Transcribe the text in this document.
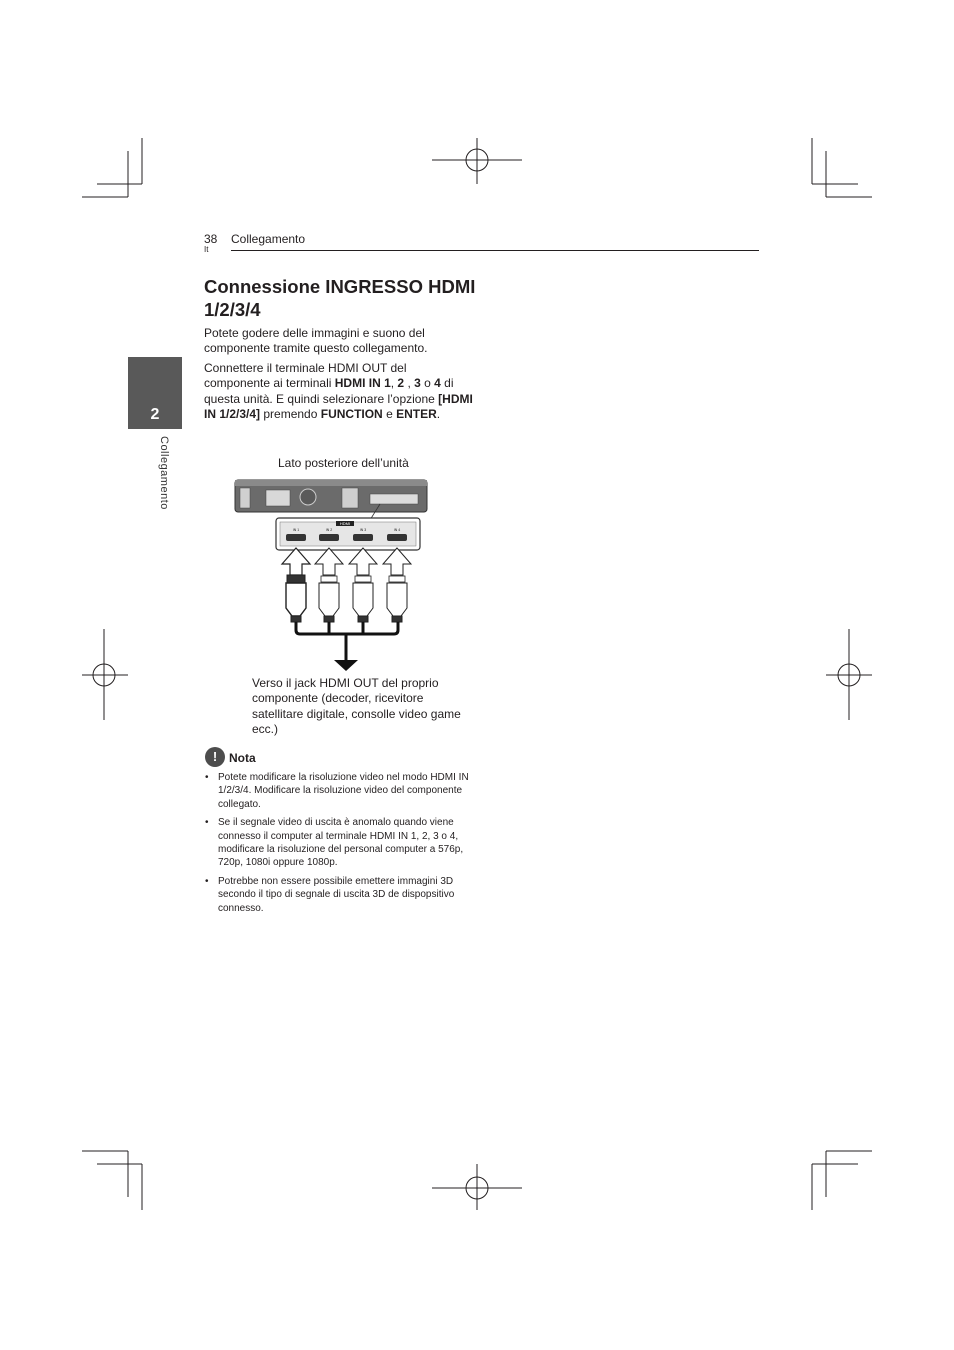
38
It
Collegamento
2
Collegamento
Connessione INGRESSO HDMI 1/2/3/4

Potete godere delle immagini e suono del componente tramite questo collegamento.

Connettere il terminale HDMI OUT del componente ai terminali HDMI IN 1, 2 , 3 o 4 di questa unità. E quindi selezionare l’opzione [HDMI IN 1/2/3/4] premendo FUNCTION e ENTER.

Lato posteriore dell’unità
HDMI
IN 1	IN 2	IN 3	IN 4

Verso il jack HDMI OUT del proprio componente (decoder, ricevitore satellitare digitale, consolle video game ecc.)

! Nota
• Potete modificare la risoluzione video nel modo HDMI IN 1/2/3/4. Modificare la risoluzione video del componente collegato.
• Se il segnale video di uscita è anomalo quando viene connesso il computer al terminale HDMI IN 1, 2, 3 o 4, modificare la risoluzione del personal computer a 576p, 720p, 1080i oppure 1080p.
• Potrebbe non essere possibile emettere immagini 3D secondo il tipo di segnale di uscita 3D de dispopsitivo connesso.
